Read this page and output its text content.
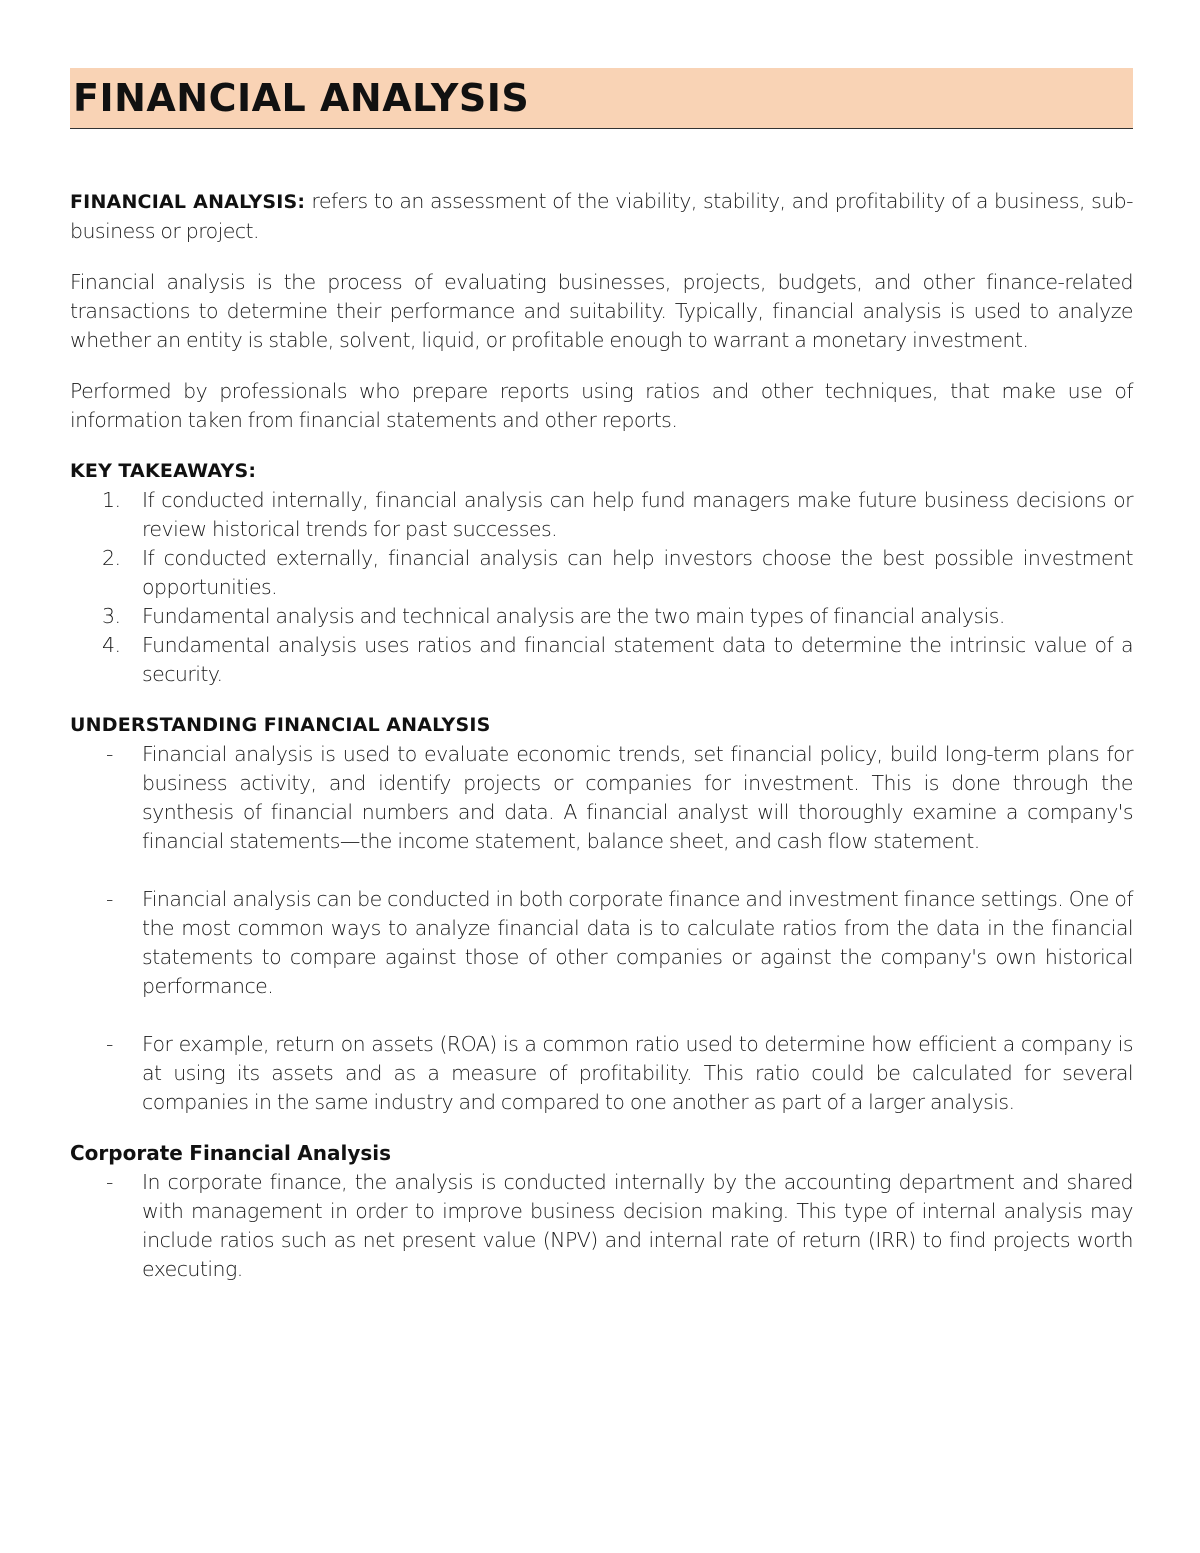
FINANCIAL ANALYSIS

FINANCIAL ANALYSIS: refers to an assessment of the viability, stability, and profitability of a business, sub-business or project.

Financial analysis is the process of evaluating businesses, projects, budgets, and other finance-related transactions to determine their performance and suitability. Typically, financial analysis is used to analyze whether an entity is stable, solvent, liquid, or profitable enough to warrant a monetary investment.

Performed by professionals who prepare reports using ratios and other techniques, that make use of information taken from financial statements and other reports.

KEY TAKEAWAYS:
1. If conducted internally, financial analysis can help fund managers make future business decisions or review historical trends for past successes.
2. If conducted externally, financial analysis can help investors choose the best possible investment opportunities.
3. Fundamental analysis and technical analysis are the two main types of financial analysis.
4. Fundamental analysis uses ratios and financial statement data to determine the intrinsic value of a security.
UNDERSTANDING FINANCIAL ANALYSIS
- Financial analysis is used to evaluate economic trends, set financial policy, build long-term plans for business activity, and identify projects or companies for investment. This is done through the synthesis of financial numbers and data. A financial analyst will thoroughly examine a company's financial statements—the income statement, balance sheet, and cash flow statement.
- Financial analysis can be conducted in both corporate finance and investment finance settings. One of the most common ways to analyze financial data is to calculate ratios from the data in the financial statements to compare against those of other companies or against the company's own historical performance.
- For example, return on assets (ROA) is a common ratio used to determine how efficient a company is at using its assets and as a measure of profitability. This ratio could be calculated for several companies in the same industry and compared to one another as part of a larger analysis.
Corporate Financial Analysis
- In corporate finance, the analysis is conducted internally by the accounting department and shared with management in order to improve business decision making. This type of internal analysis may include ratios such as net present value (NPV) and internal rate of return (IRR) to find projects worth executing.
